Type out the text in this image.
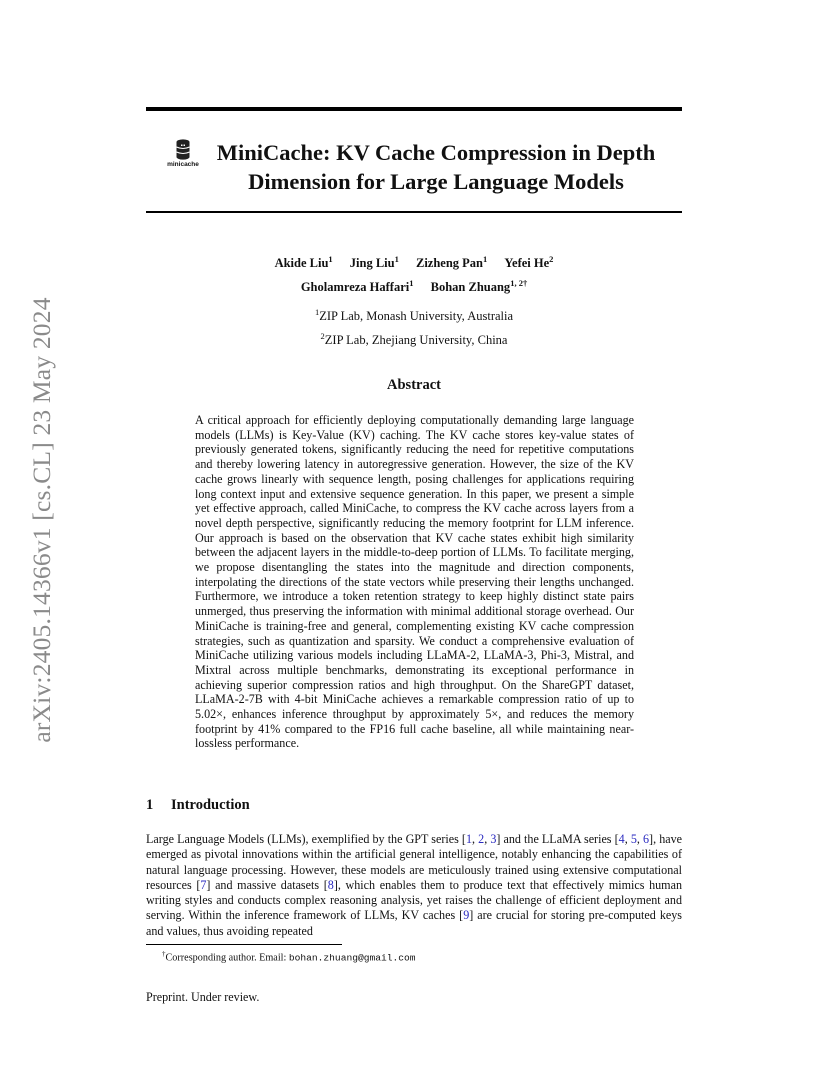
arXiv:2405.14366v1 [cs.CL] 23 May 2024
minicache MiniCache: KV Cache Compression in Depth Dimension for Large Language Models
Akide Liu$^1$ Jing Liu$^1$ Zizheng Pan$^1$ Yefei He$^2$
Gholamreza Haffari$^1$ Bohan Zhuang$^{1, 2\dagger}$
$^1$ZIP Lab, Monash University, Australia
$^2$ZIP Lab, Zhejiang University, China
Abstract

A critical approach for efficiently deploying computationally demanding large language models (LLMs) is Key-Value (KV) caching. The KV cache stores key-value states of previously generated tokens, significantly reducing the need for repetitive computations and thereby lowering latency in autoregressive generation. However, the size of the KV cache grows linearly with sequence length, posing challenges for applications requiring long context input and extensive sequence generation. In this paper, we present a simple yet effective approach, called MiniCache, to compress the KV cache across layers from a novel depth perspective, significantly reducing the memory footprint for LLM inference. Our approach is based on the observation that KV cache states exhibit high similarity between the adjacent layers in the middle-to-deep portion of LLMs. To facilitate merging, we propose disentangling the states into the magnitude and direction components, interpolating the directions of the state vectors while preserving their lengths unchanged. Furthermore, we introduce a token retention strategy to keep highly distinct state pairs unmerged, thus preserving the information with minimal additional storage overhead. Our MiniCache is training-free and general, complementing existing KV cache compression strategies, such as quantization and sparsity. We conduct a comprehensive evaluation of MiniCache utilizing various models including LLaMA-2, LLaMA-3, Phi-3, Mistral, and Mixtral across multiple benchmarks, demonstrating its exceptional performance in achieving superior compression ratios and high throughput. On the ShareGPT dataset, LLaMA-2-7B with 4-bit MiniCache achieves a remarkable compression ratio of up to 5.02×, enhances inference throughput by approximately 5×, and reduces the memory footprint by 41% compared to the FP16 full cache baseline, all while maintaining near-lossless performance.

1 Introduction

Large Language Models (LLMs), exemplified by the GPT series [1, 2, 3] and the LLaMA series [4, 5, 6], have emerged as pivotal innovations within the artificial general intelligence, notably enhancing the capabilities of natural language processing. However, these models are meticulously trained using extensive computational resources [7] and massive datasets [8], which enables them to produce text that effectively mimics human writing styles and conducts complex reasoning analysis, yet raises the challenge of efficient deployment and serving. Within the inference framework of LLMs, KV caches [9] are crucial for storing pre-computed keys and values, thus avoiding repeated

†Corresponding author. Email: bohan.zhuang@gmail.com
Preprint. Under review.
